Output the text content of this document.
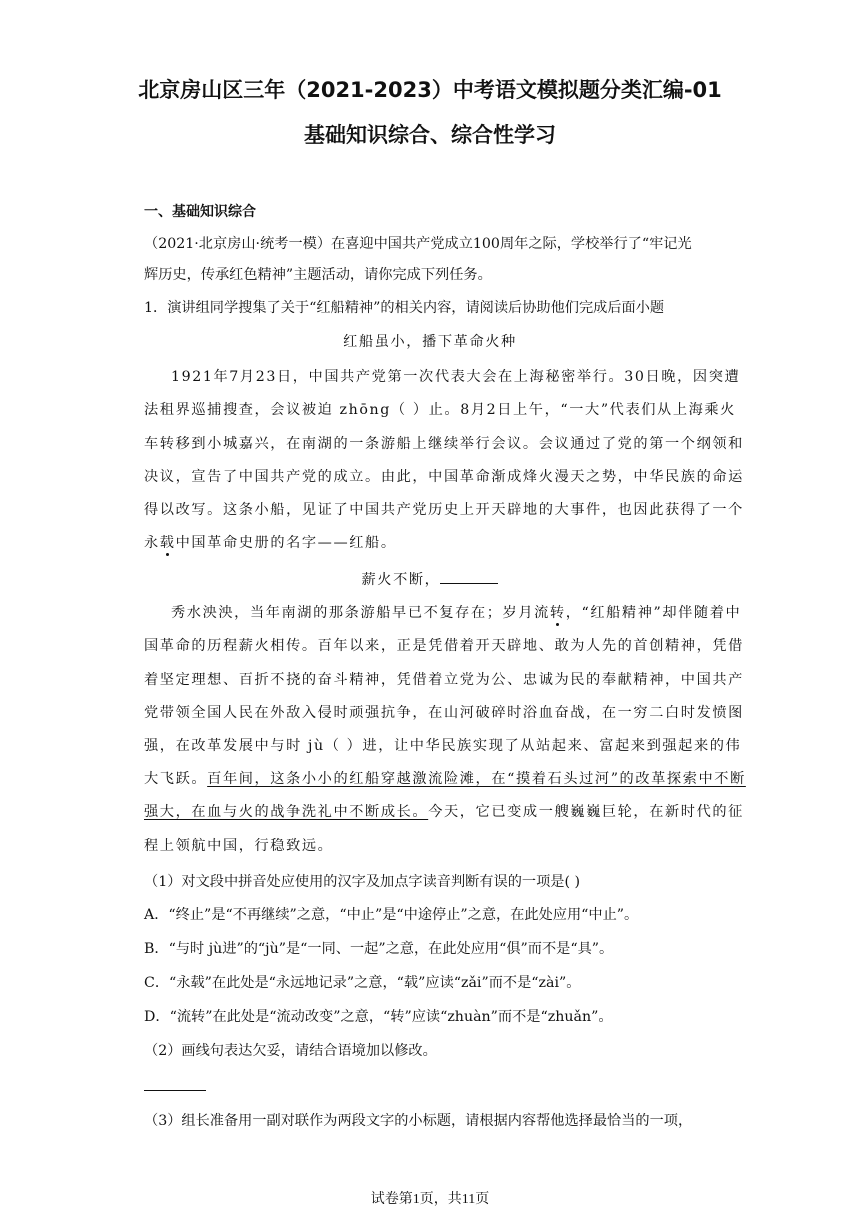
北京房山区三年（2021-2023）中考语文模拟题分类汇编-01
基础知识综合、综合性学习
一、基础知识综合
（2021·北京房山·统考一模）在喜迎中国共产党成立100周年之际，学校举行了“牢记光
辉历史，传承红色精神”主题活动，请你完成下列任务。
1．演讲组同学搜集了关于“红船精神”的相关内容，请阅读后协助他们完成后面小题
红船虽小，播下革命火种
1921年7月23日，中国共产党第一次代表大会在上海秘密举行。30日晚，因突遭
法租界巡捕搜查，会议被迫 zhōng（ ）止。8月2日上午，“一大”代表们从上海乘火
车转移到小城嘉兴，在南湖的一条游船上继续举行会议。会议通过了党的第一个纲领和
决议，宣告了中国共产党的成立。由此，中国革命渐成烽火漫天之势，中华民族的命运
得以改写。这条小船，见证了中国共产党历史上开天辟地的大事件，也因此获得了一个
永载中国革命史册的名字——红船。
薪火不断，
秀水泱泱，当年南湖的那条游船早已不复存在；岁月流转，“红船精神”却伴随着中
国革命的历程薪火相传。百年以来，正是凭借着开天辟地、敢为人先的首创精神，凭借
着坚定理想、百折不挠的奋斗精神，凭借着立党为公、忠诚为民的奉献精神，中国共产
党带领全国人民在外敌入侵时顽强抗争，在山河破碎时浴血奋战，在一穷二白时发愤图
强，在改革发展中与时 jù（ ）进，让中华民族实现了从站起来、富起来到强起来的伟
大飞跃。百年间，这条小小的红船穿越激流险滩，在“摸着石头过河”的改革探索中不断
强大，在血与火的战争洗礼中不断成长。今天，它已变成一艘巍巍巨轮，在新时代的征
程上领航中国，行稳致远。
（1）对文段中拼音处应使用的汉字及加点字读音判断有误的一项是( )
A．“终止”是“不再继续”之意，“中止”是“中途停止”之意，在此处应用“中止”。
B．“与时 jù进”的“jù”是“一同、一起”之意，在此处应用“俱”而不是“具”。
C．“永载”在此处是“永远地记录”之意，“载”应读“zǎi”而不是“zài”。
D．“流转”在此处是“流动改变”之意，“转”应读“zhuàn”而不是“zhuǎn”。
（2）画线句表达欠妥，请结合语境加以修改。
（3）组长准备用一副对联作为两段文字的小标题，请根据内容帮他选择最恰当的一项，
试卷第1页，共11页
